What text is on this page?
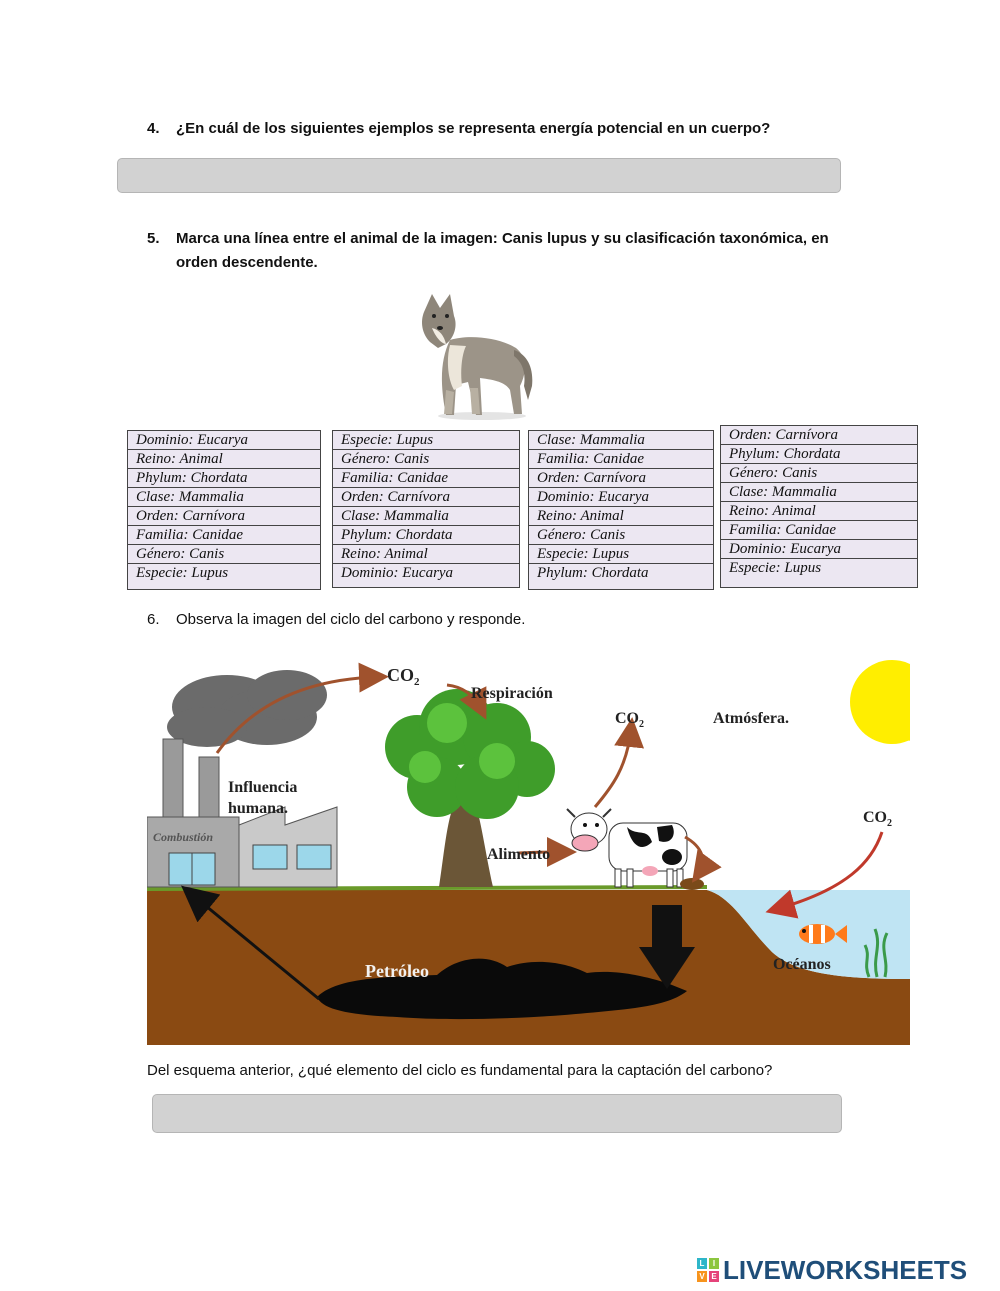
4. ¿En cuál de los siguientes ejemplos se representa energía potencial en un cuerpo?
5. Marca una línea entre el animal de la imagen: Canis lupus y su clasificación taxonómica, en
orden descendente.
Dominio: Eucarya
Reino: Animal
Phylum: Chordata
Clase: Mammalia
Orden: Carnívora
Familia: Canidae
Género: Canis
Especie: Lupus
Especie: Lupus
Género: Canis
Familia: Canidae
Orden: Carnívora
Clase: Mammalia
Phylum: Chordata
Reino: Animal
Dominio: Eucarya
Clase: Mammalia
Familia: Canidae
Orden: Carnívora
Dominio: Eucarya
Reino: Animal
Género: Canis
Especie: Lupus
Phylum: Chordata
Orden: Carnívora
Phylum: Chordata
Género: Canis
Clase: Mammalia
Reino: Animal
Familia: Canidae
Dominio: Eucarya
Especie: Lupus
6. Observa la imagen del ciclo del carbono y responde.
Combustión
$CO_2$
Respiración
$CO_2$	Atmósfera.
Influencia
humana.
$CO_2$
Alimento
Petróleo	Océanos
Del esquema anterior, ¿qué elemento del ciclo es fundamental para la captación del carbono?
L	I
V E LIVEWORKSHEETS
